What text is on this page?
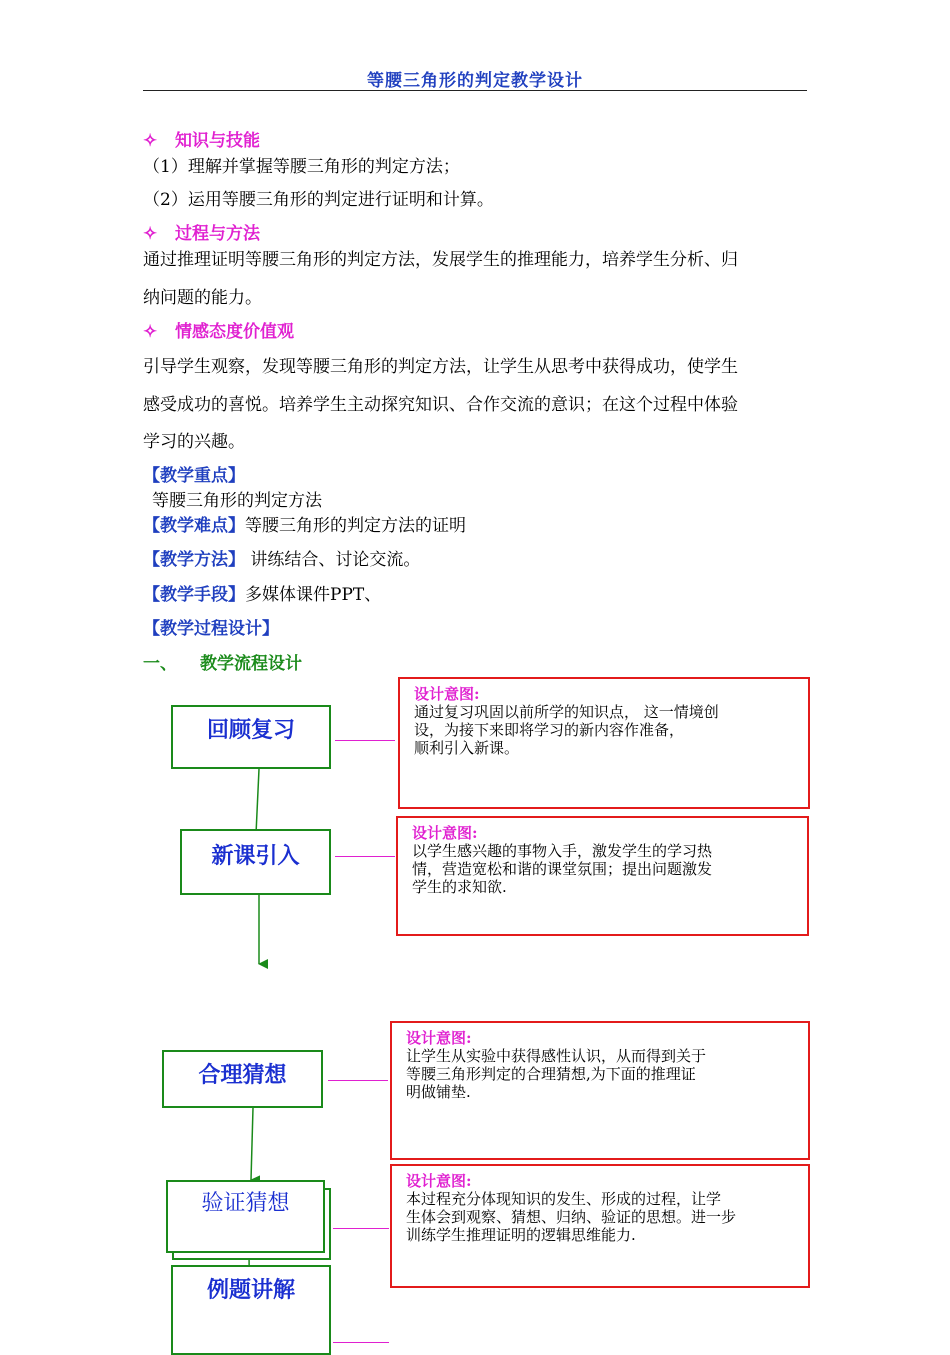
等腰三角形的判定教学设计
✧ 知识与技能
（1）理解并掌握等腰三角形的判定方法；
（2）运用等腰三角形的判定进行证明和计算。
✧ 过程与方法
通过推理证明等腰三角形的判定方法，发展学生的推理能力，培养学生分析、归
纳问题的能力。
✧ 情感态度价值观
引导学生观察，发现等腰三角形的判定方法，让学生从思考中获得成功，使学生
感受成功的喜悦。培养学生主动探究知识、合作交流的意识；在这个过程中体验
学习的兴趣。
【教学重点】
等腰三角形的判定方法
【教学难点】等腰三角形的判定方法的证明
【教学方法】 讲练结合、讨论交流。
【教学手段】多媒体课件PPT、
【教学过程设计】
一、 教学流程设计
回顾复习
新课引入
合理猜想
验证猜想
例题讲解
设计意图:
通过复习巩固以前所学的知识点， 这一情境创
设，为接下来即将学习的新内容作准备，
顺利引入新课。
设计意图:
以学生感兴趣的事物入手，激发学生的学习热
情，营造宽松和谐的课堂氛围；提出问题激发
学生的求知欲.
设计意图:
让学生从实验中获得感性认识，从而得到关于
等腰三角形判定的合理猜想,为下面的推理证
明做铺垫.
设计意图:
本过程充分体现知识的发生、形成的过程，让学
生体会到观察、猜想、归纳、验证的思想。进一步
训练学生推理证明的逻辑思维能力.
